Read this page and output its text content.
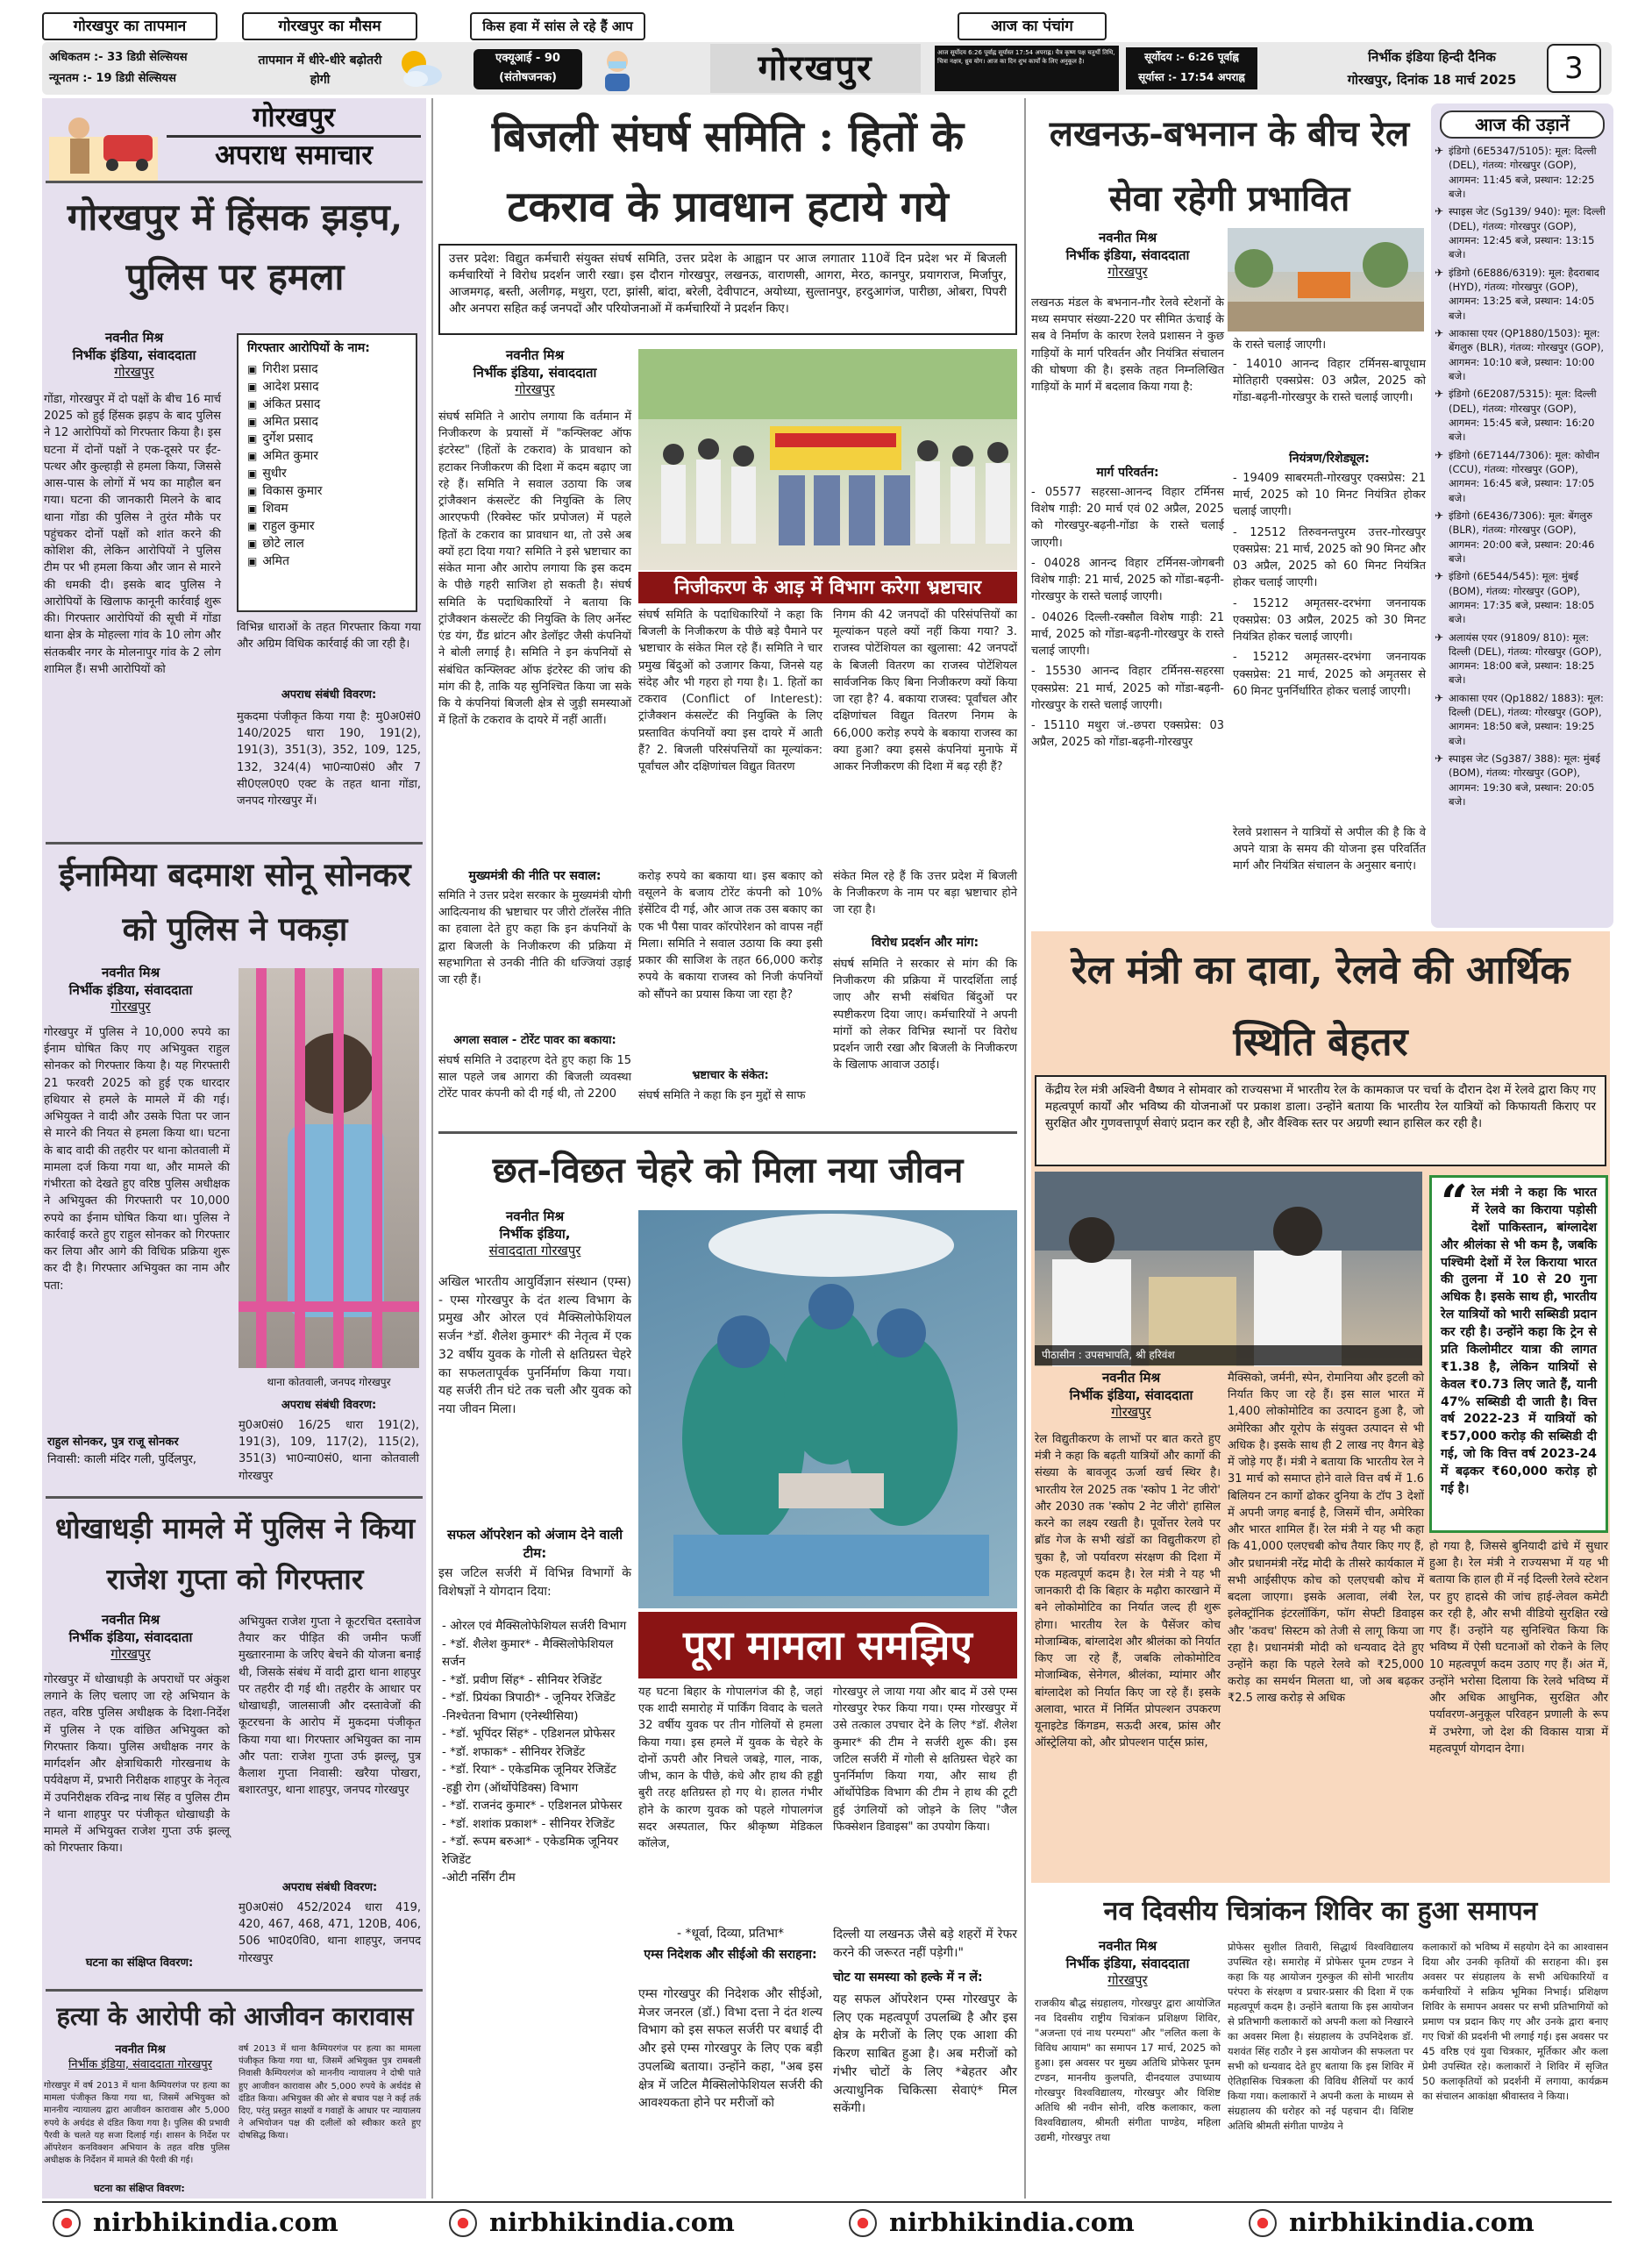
गोरखपुर का तापमान	गोरखपुर का मौसम	किस हवा में सांस ले रहे हैं आप	आज का पंचांग
अधिकतम :- 33 डिग्री सेल्सियस
न्यूनतम :- 19 डिग्री सेल्सियस
तापमान में धीरे-धीरे बढ़ोतरी होगी
एक्यूआई - 90
(संतोषजनक)	गोरखपुर	आज सूर्योदय 6:26 पूर्वाह्न सूर्यास्त 17:54 अपराह्न। चैत्र कृष्ण पक्ष चतुर्थी तिथि, चित्रा नक्षत्र, ध्रुव योग। आज का दिन शुभ कार्यों के लिए अनुकूल है।	सूर्योदय :- 6:26 पूर्वाह्न
सूर्यास्त :- 17:54 अपराह्न
निर्भीक इंडिया हिन्दी दैनिक
गोरखपुर, दिनांक 18 मार्च 2025	3
गोरखपुर
अपराध समाचार
गोरखपुर में हिंसक झड़प, पुलिस पर हमला
नवनीत मिश्र
निर्भीक इंडिया, संवाददाता
गोरखपुर
गोंडा, गोरखपुर में दो पक्षों के बीच 16 मार्च 2025 को हुई हिंसक झड़प के बाद पुलिस ने 12 आरोपियों को गिरफ्तार किया है। इस घटना में दोनों पक्षों ने एक-दूसरे पर ईंट-पत्थर और कुल्हाड़ी से हमला किया, जिससे आस-पास के लोगों में भय का माहौल बन गया। घटना की जानकारी मिलने के बाद थाना गोंडा की पुलिस ने तुरंत मौके पर पहुंचकर दोनों पक्षों को शांत करने की कोशिश की, लेकिन आरोपियों ने पुलिस टीम पर भी हमला किया और जान से मारने की धमकी दी। इसके बाद पुलिस ने आरोपियों के खिलाफ कानूनी कार्रवाई शुरू की। गिरफ्तार आरोपियों की सूची में गोंडा थाना क्षेत्र के मोहल्ला गांव के 10 लोग और संतकबीर नगर के मोलनापुर गांव के 2 लोग शामिल हैं। सभी आरोपियों को
गिरफ्तार आरोपियों के नाम:
▣ गिरीश प्रसाद
▣ आदेश प्रसाद
▣ अंकित प्रसाद
▣ अमित प्रसाद
▣ दुर्गेश प्रसाद
▣ अमित कुमार
▣ सुधीर
▣ विकास कुमार
▣ शिवम
▣ राहुल कुमार
▣ छोटे लाल
▣ अमित
विभिन्न धाराओं के तहत गिरफ्तार किया गया और अग्रिम विधिक कार्रवाई की जा रही है।
अपराध संबंधी विवरण:
मुकदमा पंजीकृत किया गया है: मु0अ0सं0 140/2025 धारा 190, 191(2), 191(3), 351(3), 352, 109, 125, 132, 324(4) भा0न्या0सं0 और 7 सी0एल0ए0 एक्ट के तहत थाना गोंडा, जनपद गोरखपुर में।
ईनामिया बदमाश सोनू सोनकर को पुलिस ने पकड़ा
नवनीत मिश्र
निर्भीक इंडिया, संवाददाता
गोरखपुर
गोरखपुर में पुलिस ने 10,000 रुपये का ईनाम घोषित किए गए अभियुक्त राहुल सोनकर को गिरफ्तार किया है। यह गिरफ्तारी 21 फरवरी 2025 को हुई एक धारदार हथियार से हमले के मामले में की गई। अभियुक्त ने वादी और उसके पिता पर जान से मारने की नियत से हमला किया था। घटना के बाद वादी की तहरीर पर थाना कोतवाली में मामला दर्ज किया गया था, और मामले की गंभीरता को देखते हुए वरिष्ठ पुलिस अधीक्षक ने अभियुक्त की गिरफ्तारी पर 10,000 रुपये का ईनाम घोषित किया था। पुलिस ने कार्रवाई करते हुए राहुल सोनकर को गिरफ्तार कर लिया और आगे की विधिक प्रक्रिया शुरू कर दी है। गिरफ्तार अभियुक्त का नाम और पता:
थाना कोतवाली, जनपद गोरखपुर
राहुल सोनकर, पुत्र राजू सोनकर
निवासी: काली मंदिर गली, पुर्दिलपुर,
अपराध संबंधी विवरण:
मु0अ0सं0 16/25 धारा 191(2), 191(3), 109, 117(2), 115(2), 351(3) भा0न्या0सं0, थाना कोतवाली गोरखपुर
धोखाधड़ी मामले में पुलिस ने किया राजेश गुप्ता को गिरफ्तार
नवनीत मिश्र
निर्भीक इंडिया, संवाददाता
गोरखपुर
गोरखपुर में धोखाधड़ी के अपराधों पर अंकुश लगाने के लिए चलाए जा रहे अभियान के तहत, वरिष्ठ पुलिस अधीक्षक के दिशा-निर्देश में पुलिस ने एक वांछित अभियुक्त को गिरफ्तार किया। पुलिस अधीक्षक नगर के मार्गदर्शन और क्षेत्राधिकारी गोरखनाथ के पर्यवेक्षण में, प्रभारी निरीक्षक शाहपुर के नेतृत्व में उपनिरीक्षक रविन्द्र नाथ सिंह व पुलिस टीम ने थाना शाहपुर पर पंजीकृत धोखाधड़ी के मामले में अभियुक्त राजेश गुप्ता उर्फ झल्लू को गिरफ्तार किया।
अभियुक्त राजेश गुप्ता ने कूटरचित दस्तावेज तैयार कर पीड़ित की जमीन फर्जी मुख्तारनामा के जरिए बेचने की योजना बनाई थी, जिसके संबंध में वादी द्वारा थाना शाहपुर पर तहरीर दी गई थी। तहरीर के आधार पर धोखाधड़ी, जालसाजी और दस्तावेजों की कूटरचना के आरोप में मुकदमा पंजीकृत किया गया था। गिरफ्तार अभियुक्त का नाम और पता: राजेश गुप्ता उर्फ झल्लू, पुत्र कैलाश गुप्ता निवासी: खरैया पोखरा, बशारतपुर, थाना शाहपुर, जनपद गोरखपुर
अपराध संबंधी विवरण:
मु0अ0सं0 452/2024 धारा 419, 420, 467, 468, 471, 120B, 406, 506 भा0द0वि0, थाना शाहपुर, जनपद गोरखपुर
घटना का संक्षिप्त विवरण:
हत्या के आरोपी को आजीवन कारावास
नवनीत मिश्र
निर्भीक इंडिया, संवाददाता गोरखपुर
गोरखपुर में वर्ष 2013 में थाना कैम्पियरगंज पर हत्या का मामला पंजीकृत किया गया था, जिसमें अभियुक्त को माननीय न्यायालय द्वारा आजीवन कारावास और 5,000 रुपये के अर्थदंड से दंडित किया गया है। पुलिस की प्रभावी पैरवी के चलते यह सजा दिलाई गई। शासन के निर्देश पर ऑपरेशन कनविक्शन अभियान के तहत वरिष्ठ पुलिस अधीक्षक के निर्देशन में मामले की पैरवी की गई।
वर्ष 2013 में थाना कैम्पियरगंज पर हत्या का मामला पंजीकृत किया गया था, जिसमें अभियुक्त पुत्र रामबली निवासी कैम्पियरगंज को माननीय न्यायालय ने दोषी पाते हुए आजीवन कारावास और 5,000 रुपये के अर्थदंड से दंडित किया। अभियुक्त की ओर से बचाव पक्ष ने कई तर्क दिए, परंतु प्रस्तुत साक्ष्यों व गवाहों के आधार पर न्यायालय ने अभियोजन पक्ष की दलीलों को स्वीकार करते हुए दोषसिद्ध किया।
घटना का संक्षिप्त विवरण:
बिजली संघर्ष समिति : हितों के टकराव के प्रावधान हटाये गये
उत्तर प्रदेश: विद्युत कर्मचारी संयुक्त संघर्ष समिति, उत्तर प्रदेश के आह्वान पर आज लगातार 110वें दिन प्रदेश भर में बिजली कर्मचारियों ने विरोध प्रदर्शन जारी रखा। इस दौरान गोरखपुर, लखनऊ, वाराणसी, आगरा, मेरठ, कानपुर, प्रयागराज, मिर्जापुर, आजमगढ़, बस्ती, अलीगढ़, मथुरा, एटा, झांसी, बांदा, बरेली, देवीपाटन, अयोध्या, सुल्तानपुर, हरदुआगंज, पारीछा, ओबरा, पिपरी और अनपरा सहित कई जनपदों और परियोजनाओं में कर्मचारियों ने प्रदर्शन किए।
नवनीत मिश्र
निर्भीक इंडिया, संवाददाता
गोरखपुर
संघर्ष समिति ने आरोप लगाया कि वर्तमान में निजीकरण के प्रयासों में "कन्फ्लिक्ट ऑफ इंटरेस्ट" (हितों के टकराव) के प्रावधान को हटाकर निजीकरण की दिशा में कदम बढ़ाए जा रहे हैं। समिति ने सवाल उठाया कि जब ट्रांजैक्शन कंसल्टेंट की नियुक्ति के लिए आरएफपी (रिक्वेस्ट फॉर प्रपोजल) में पहले हितों के टकराव का प्रावधान था, तो उसे अब क्यों हटा दिया गया? समिति ने इसे भ्रष्टाचार का संकेत माना और आरोप लगाया कि इस कदम के पीछे गहरी साजिश हो सकती है। संघर्ष समिति के पदाधिकारियों ने बताया कि ट्रांजैक्शन कंसल्टेंट की नियुक्ति के लिए अर्नेस्ट एंड यंग, ग्रैंड थ्रांटन और डेलॉइट जैसी कंपनियों ने बोली लगाई है। समिति ने इन कंपनियों से संबंधित कन्फ्लिक्ट ऑफ इंटरेस्ट की जांच की मांग की है, ताकि यह सुनिश्चित किया जा सके कि ये कंपनियां बिजली क्षेत्र से जुड़ी समस्याओं में हितों के टकराव के दायरे में नहीं आतीं।
निजीकरण के आड़ में विभाग करेगा भ्रष्टाचार
संघर्ष समिति के पदाधिकारियों ने कहा कि बिजली के निजीकरण के पीछे बड़े पैमाने पर भ्रष्टाचार के संकेत मिल रहे हैं। समिति ने चार प्रमुख बिंदुओं को उजागर किया, जिनसे यह संदेह और भी गहरा हो गया है। 1. हितों का टकराव (Conflict of Interest): ट्रांजैक्शन कंसल्टेंट की नियुक्ति के लिए प्रस्तावित कंपनियों क्या इस दायरे में आती हैं? 2. बिजली परिसंपत्तियों का मूल्यांकन: पूर्वांचल और दक्षिणांचल विद्युत वितरण
निगम की 42 जनपदों की परिसंपत्तियों का मूल्यांकन पहले क्यों नहीं किया गया? 3. राजस्व पोटेंशियल का खुलासा: 42 जनपदों के बिजली वितरण का राजस्व पोटेंशियल सार्वजनिक किए बिना निजीकरण क्यों किया जा रहा है? 4. बकाया राजस्व: पूर्वांचल और दक्षिणांचल विद्युत वितरण निगम के 66,000 करोड़ रुपये के बकाया राजस्व का क्या हुआ? क्या इससे कंपनियां मुनाफे में आकर निजीकरण की दिशा में बढ़ रही हैं?
मुख्यमंत्री की नीति पर सवाल:
समिति ने उत्तर प्रदेश सरकार के मुख्यमंत्री योगी आदित्यनाथ की भ्रष्टाचार पर जीरो टॉलरेंस नीति का हवाला देते हुए कहा कि इन कंपनियों के द्वारा बिजली के निजीकरण की प्रक्रिया में सहभागिता से उनकी नीति की धज्जियां उड़ाई जा रही हैं।
अगला सवाल - टोरेंट पावर का बकाया:
संघर्ष समिति ने उदाहरण देते हुए कहा कि 15 साल पहले जब आगरा की बिजली व्यवस्था टोरेंट पावर कंपनी को दी गई थी, तो 2200
करोड़ रुपये का बकाया था। इस बकाए को वसूलने के बजाय टोरेंट कंपनी को 10% इंसेंटिव दी गई, और आज तक उस बकाए का एक भी पैसा पावर कॉरपोरेशन को वापस नहीं मिला। समिति ने सवाल उठाया कि क्या इसी प्रकार की साजिश के तहत 66,000 करोड़ रुपये के बकाया राजस्व को निजी कंपनियों को सौंपने का प्रयास किया जा रहा है?
भ्रष्टाचार के संकेत:
संघर्ष समिति ने कहा कि इन मुद्दों से साफ
संकेत मिल रहे हैं कि उत्तर प्रदेश में बिजली के निजीकरण के नाम पर बड़ा भ्रष्टाचार होने जा रहा है।
विरोध प्रदर्शन और मांग:
संघर्ष समिति ने सरकार से मांग की कि निजीकरण की प्रक्रिया में पारदर्शिता लाई जाए और सभी संबंधित बिंदुओं पर स्पष्टीकरण दिया जाए। कर्मचारियों ने अपनी मांगों को लेकर विभिन्न स्थानों पर विरोध प्रदर्शन जारी रखा और बिजली के निजीकरण के खिलाफ आवाज उठाई।
छत-विछत चेहरे को मिला नया जीवन
नवनीत मिश्र
निर्भीक इंडिया,
संवाददाता गोरखपुर
अखिल भारतीय आयुर्विज्ञान संस्थान (एम्स) - एम्स गोरखपुर के दंत शल्य विभाग के प्रमुख और ओरल एवं मैक्सिलोफेशियल सर्जन *डॉ. शैलेश कुमार* की नेतृत्व में एक 32 वर्षीय युवक के गोली से क्षतिग्रस्त चेहरे का सफलतापूर्वक पुनर्निर्माण किया गया। यह सर्जरी तीन घंटे तक चली और युवक को नया जीवन मिला।
सफल ऑपरेशन को अंजाम देने वाली टीम:
इस जटिल सर्जरी में विभिन्न विभागों के विशेषज्ञों ने योगदान दिया:
- ओरल एवं मैक्सिलोफेशियल सर्जरी विभाग
- *डॉ. शैलेश कुमार* - मैक्सिलोफेशियल सर्जन
- *डॉ. प्रवीण सिंह* - सीनियर रेजिडेंट
- *डॉ. प्रियंका त्रिपाठी* - जूनियर रेजिडेंट
-निश्चेतना विभाग (एनेस्थीसिया)
- *डॉ. भूपिंदर सिंह* - एडिशनल प्रोफेसर
- *डॉ. शफाक* - सीनियर रेजिडेंट
- *डॉ. रिया* - एकेडमिक जूनियर रेजिडेंट
-हड्डी रोग (ऑर्थोपेडिक्स) विभाग
- *डॉ. राजनंद कुमार* - एडिशनल प्रोफेसर
- *डॉ. शशांक प्रकाश* - सीनियर रेजिडेंट
- *डॉ. रूपम बरुआ* - एकेडमिक जूनियर रेजिडेंट
-ओटी नर्सिंग टीम
पूरा मामला समझिए
यह घटना बिहार के गोपालगंज की है, जहां एक शादी समारोह में पार्किंग विवाद के चलते 32 वर्षीय युवक पर तीन गोलियों से हमला किया गया। इस हमले में युवक के चेहरे के दोनों ऊपरी और निचले जबड़े, गाल, नाक, जीभ, कान के पीछे, कंधे और हाथ की हड्डी बुरी तरह क्षतिग्रस्त हो गए थे। हालत गंभीर होने के कारण युवक को पहले गोपालगंज सदर अस्पताल, फिर श्रीकृष्ण मेडिकल कॉलेज,
गोरखपुर ले जाया गया और बाद में उसे एम्स गोरखपुर रेफर किया गया। एम्स गोरखपुर में उसे तत्काल उपचार देने के लिए *डॉ. शैलेश कुमार* की टीम ने सर्जरी शुरू की। इस जटिल सर्जरी में गोली से क्षतिग्रस्त चेहरे का पुनर्निर्माण किया गया, और साथ ही ऑर्थोपेडिक विभाग की टीम ने हाथ की टूटी हुई उंगलियों को जोड़ने के लिए "जैल फिक्सेशन डिवाइस" का उपयोग किया।
- *धूर्वा, दिव्या, प्रतिभा*
एम्स निदेशक और सीईओ की सराहना:
एम्स गोरखपुर की निदेशक और सीईओ, मेजर जनरल (डॉ.) विभा दत्ता ने दंत शल्य विभाग को इस सफल सर्जरी पर बधाई दी और इसे एम्स गोरखपुर के लिए एक बड़ी उपलब्धि बताया। उन्होंने कहा, "अब इस क्षेत्र में जटिल मैक्सिलोफेशियल सर्जरी की आवश्यकता होने पर मरीजों को
दिल्ली या लखनऊ जैसे बड़े शहरों में रेफर करने की जरूरत नहीं पड़ेगी।"
चोट या समस्या को हल्के में न लें:
यह सफल ऑपरेशन एम्स गोरखपुर के लिए एक महत्वपूर्ण उपलब्धि है और इस क्षेत्र के मरीजों के लिए एक आशा की किरण साबित हुआ है। अब मरीजों को गंभीर चोटों के लिए *बेहतर और अत्याधुनिक चिकित्सा सेवाएं* मिल सकेंगी।
लखनऊ-बभनान के बीच रेल सेवा रहेगी प्रभावित
नवनीत मिश्र
निर्भीक इंडिया, संवाददाता
गोरखपुर
लखनऊ मंडल के बभनान-गौर रेलवे स्टेशनों के मध्य समपार संख्या-220 पर सीमित ऊंचाई के सब वे निर्माण के कारण रेलवे प्रशासन ने कुछ गाड़ियों के मार्ग परिवर्तन और नियंत्रित संचालन की घोषणा की है। इसके तहत निम्नलिखित गाड़ियों के मार्ग में बदलाव किया गया है:
मार्ग परिवर्तन:

- 05577 सहरसा-आनन्द विहार टर्मिनस विशेष गाड़ी: 20 मार्च एवं 02 अप्रैल, 2025 को गोरखपुर-बढ़नी-गोंडा के रास्ते चलाई जाएगी।

- 04028 आनन्द विहार टर्मिनस-जोगबनी विशेष गाड़ी: 21 मार्च, 2025 को गोंडा-बढ़नी-गोरखपुर के रास्ते चलाई जाएगी।

- 04026 दिल्ली-रक्सौल विशेष गाड़ी: 21 मार्च, 2025 को गोंडा-बढ़नी-गोरखपुर के रास्ते चलाई जाएगी।

- 15530 आनन्द विहार टर्मिनस-सहरसा एक्सप्रेस: 21 मार्च, 2025 को गोंडा-बढ़नी-गोरखपुर के रास्ते चलाई जाएगी।

- 15110 मथुरा जं.-छपरा एक्सप्रेस: 03 अप्रैल, 2025 को गोंडा-बढ़नी-गोरखपुर

के रास्ते चलाई जाएगी।

- 14010 आनन्द विहार टर्मिनस-बापूधाम मोतिहारी एक्सप्रेस: 03 अप्रैल, 2025 को गोंडा-बढ़नी-गोरखपुर के रास्ते चलाई जाएगी।

नियंत्रण/रिशेड्यूल:

- 19409 साबरमती-गोरखपुर एक्सप्रेस: 21 मार्च, 2025 को 10 मिनट नियंत्रित होकर चलाई जाएगी।

- 12512 तिरुवनन्तपुरम उत्तर-गोरखपुर एक्सप्रेस: 21 मार्च, 2025 को 90 मिनट और 03 अप्रैल, 2025 को 60 मिनट नियंत्रित होकर चलाई जाएगी।

- 15212 अमृतसर-दरभंगा जननायक एक्सप्रेस: 03 अप्रैल, 2025 को 30 मिनट नियंत्रित होकर चलाई जाएगी।

- 15212 अमृतसर-दरभंगा जननायक एक्सप्रेस: 21 मार्च, 2025 को अमृतसर से 60 मिनट पुनर्निर्धारित होकर चलाई जाएगी।

रेलवे प्रशासन ने यात्रियों से अपील की है कि वे अपने यात्रा के समय की योजना इस परिवर्तित मार्ग और नियंत्रित संचालन के अनुसार बनाएं।
आज की उड़ानें
✈ इंडिगो (6E5347/5105): मूल: दिल्ली (DEL), गंतव्य: गोरखपुर (GOP), आगमन: 11:45 बजे, प्रस्थान: 12:25 बजे।
✈ स्पाइस जेट (Sg139/ 940): मूल: दिल्ली (DEL), गंतव्य: गोरखपुर (GOP), आगमन: 12:45 बजे, प्रस्थान: 13:15 बजे।
✈ इंडिगो (6E886/6319): मूल: हैदराबाद (HYD), गंतव्य: गोरखपुर (GOP), आगमन: 13:25 बजे, प्रस्थान: 14:05 बजे।
✈ आकासा एयर (QP1880/1503): मूल: बेंगलुरु (BLR), गंतव्य: गोरखपुर (GOP), आगमन: 10:10 बजे, प्रस्थान: 10:00 बजे।
✈ इंडिगो (6E2087/5315): मूल: दिल्ली (DEL), गंतव्य: गोरखपुर (GOP), आगमन: 15:45 बजे, प्रस्थान: 16:20 बजे।
✈ इंडिगो (6E7144/7306): मूल: कोचीन (CCU), गंतव्य: गोरखपुर (GOP), आगमन: 16:45 बजे, प्रस्थान: 17:05 बजे।
✈ इंडिगो (6E436/7306): मूल: बेंगलुरु (BLR), गंतव्य: गोरखपुर (GOP), आगमन: 20:00 बजे, प्रस्थान: 20:46 बजे।
✈ इंडिगो (6E544/545): मूल: मुंबई (BOM), गंतव्य: गोरखपुर (GOP), आगमन: 17:35 बजे, प्रस्थान: 18:05 बजे।
✈ अलायंस एयर (91809/ 810): मूल: दिल्ली (DEL), गंतव्य: गोरखपुर (GOP), आगमन: 18:00 बजे, प्रस्थान: 18:25 बजे।
✈ आकासा एयर (Qp1882/ 1883): मूल: दिल्ली (DEL), गंतव्य: गोरखपुर (GOP), आगमन: 18:50 बजे, प्रस्थान: 19:25 बजे।
✈ स्पाइस जेट (Sg387/ 388): मूल: मुंबई (BOM), गंतव्य: गोरखपुर (GOP), आगमन: 19:30 बजे, प्रस्थान: 20:05 बजे।
रेल मंत्री का दावा, रेलवे की आर्थिक स्थिति बेहतर
केंद्रीय रेल मंत्री अश्विनी वैष्णव ने सोमवार को राज्यसभा में भारतीय रेल के कामकाज पर चर्चा के दौरान देश में रेलवे द्वारा किए गए महत्वपूर्ण कार्यों और भविष्य की योजनाओं पर प्रकाश डाला। उन्होंने बताया कि भारतीय रेल यात्रियों को किफायती किराए पर सुरक्षित और गुणवत्तापूर्ण सेवाएं प्रदान कर रही है, और वैश्विक स्तर पर अग्रणी स्थान हासिल कर रही है।
पीठासीन : उपसभापति, श्री हरिवंश
“ रेल मंत्री ने कहा कि भारत में रेलवे का किराया पड़ोसी देशों पाकिस्तान, बांग्लादेश और श्रीलंका से भी कम है, जबकि पश्चिमी देशों में रेल किराया भारत की तुलना में 10 से 20 गुना अधिक है। इसके साथ ही, भारतीय रेल यात्रियों को भारी सब्सिडी प्रदान कर रही है। उन्होंने कहा कि ट्रेन से प्रति किलोमीटर यात्रा की लागत ₹1.38 है, लेकिन यात्रियों से केवल ₹0.73 लिए जाते हैं, यानी 47% सब्सिडी दी जाती है। वित्त वर्ष 2022-23 में यात्रियों को ₹57,000 करोड़ की सब्सिडी दी गई, जो कि वित्त वर्ष 2023-24 में बढ़कर ₹60,000 करोड़ हो गई है।
नवनीत मिश्र
निर्भीक इंडिया, संवाददाता
गोरखपुर
रेल विद्युतीकरण के लाभों पर बात करते हुए मंत्री ने कहा कि बढ़ती यात्रियों और कार्गो की संख्या के बावजूद ऊर्जा खर्च स्थिर है। भारतीय रेल 2025 तक 'स्कोप 1 नेट जीरो' और 2030 तक 'स्कोप 2 नेट जीरो' हासिल करने का लक्ष्य रखती है। पूर्वोत्तर रेलवे पर ब्रॉड गेज के सभी खंडों का विद्युतीकरण हो चुका है, जो पर्यावरण संरक्षण की दिशा में एक महत्वपूर्ण कदम है। रेल मंत्री ने यह भी जानकारी दी कि बिहार के मढ़ौरा कारखाने में बने लोकोमोटिव का निर्यात जल्द ही शुरू होगा। भारतीय रेल के पैसेंजर कोच मोजाम्बिक, बांग्लादेश और श्रीलंका को निर्यात किए जा रहे हैं, जबकि लोकोमोटिव मोजाम्बिक, सेनेगल, श्रीलंका, म्यांमार और बांग्लादेश को निर्यात किए जा रहे हैं। इसके अलावा, भारत में निर्मित प्रोपल्शन उपकरण यूनाइटेड किंगडम, सऊदी अरब, फ्रांस और ऑस्ट्रेलिया को, और प्रोपल्शन पार्ट्स फ्रांस,
मैक्सिको, जर्मनी, स्पेन, रोमानिया और इटली को निर्यात किए जा रहे हैं। इस साल भारत में 1,400 लोकोमोटिव का उत्पादन हुआ है, जो अमेरिका और यूरोप के संयुक्त उत्पादन से भी अधिक है। इसके साथ ही 2 लाख नए वैगन बेड़े में जोड़े गए हैं। मंत्री ने बताया कि भारतीय रेल ने 31 मार्च को समाप्त होने वाले वित्त वर्ष में 1.6 बिलियन टन कार्गो ढोकर दुनिया के टॉप 3 देशों में अपनी जगह बनाई है, जिसमें चीन, अमेरिका और भारत शामिल हैं। रेल मंत्री ने यह भी कहा कि 41,000 एलएचबी कोच तैयार किए गए हैं, और प्रधानमंत्री नरेंद्र मोदी के तीसरे कार्यकाल में सभी आईसीएफ कोच को एलएचबी कोच में बदला जाएगा। इसके अलावा, लंबी रेल, इलेक्ट्रॉनिक इंटरलॉकिंग, फॉग सेफ्टी डिवाइस और 'कवच' सिस्टम को तेजी से लागू किया जा रहा है। प्रधानमंत्री मोदी को धन्यवाद देते हुए उन्होंने कहा कि पहले रेलवे को ₹25,000 करोड़ का समर्थन मिलता था, जो अब बढ़कर ₹2.5 लाख करोड़ से अधिक
हो गया है, जिससे बुनियादी ढांचे में सुधार हुआ है। रेल मंत्री ने राज्यसभा में यह भी बताया कि हाल ही में नई दिल्ली रेलवे स्टेशन पर हुए हादसे की जांच हाई-लेवल कमेटी कर रही है, और सभी वीडियो सुरक्षित रखे गए हैं। उन्होंने यह सुनिश्चित किया कि भविष्य में ऐसी घटनाओं को रोकने के लिए 10 महत्वपूर्ण कदम उठाए गए हैं। अंत में, उन्होंने भरोसा दिलाया कि रेलवे भविष्य में और अधिक आधुनिक, सुरक्षित और पर्यावरण-अनुकूल परिवहन प्रणाली के रूप में उभरेगा, जो देश की विकास यात्रा में महत्वपूर्ण योगदान देगा।
नव दिवसीय चित्रांकन शिविर का हुआ समापन
नवनीत मिश्र
निर्भीक इंडिया, संवाददाता
गोरखपुर
राजकीय बौद्ध संग्रहालय, गोरखपुर द्वारा आयोजित नव दिवसीय राष्ट्रीय चित्रांकन प्रशिक्षण शिविर, "अजन्ता एवं नाथ परम्परा" और "ललित कला के विविध आयाम" का समापन 17 मार्च, 2025 को हुआ। इस अवसर पर मुख्य अतिथि प्रोफेसर पूनम टण्डन, माननीय कुलपति, दीनदयाल उपाध्याय गोरखपुर विश्वविद्यालय, गोरखपुर और विशिष्ट अतिथि श्री नवीन सोनी, वरिष्ठ कलाकार, कला विश्वविद्यालय, श्रीमती संगीता पाण्डेय, महिला उद्यमी, गोरखपुर तथा
प्रोफेसर सुशील तिवारी, सिद्धार्थ विश्वविद्यालय उपस्थित रहे। समारोह में प्रोफेसर पूनम टण्डन ने कहा कि यह आयोजन गुरुकुल की सोनी भारतीय परंपरा के संरक्षण व प्रचार-प्रसार की दिशा में एक महत्वपूर्ण कदम है। उन्होंने बताया कि इस आयोजन से प्रतिभागी कलाकारों को अपनी कला को निखारने का अवसर मिला है। संग्रहालय के उपनिदेशक डॉ. यशवंत सिंह राठौर ने इस आयोजन की सफलता पर सभी को धन्यवाद देते हुए बताया कि इस शिविर में ऐतिहासिक चित्रकला की विविध शैलियों पर कार्य किया गया। कलाकारों ने अपनी कला के माध्यम से संग्रहालय की धरोहर को नई पहचान दी। विशिष्ट अतिथि श्रीमती संगीता पाण्डेय ने
कलाकारों को भविष्य में सहयोग देने का आश्वासन दिया और उनकी कृतियों की सराहना की। इस अवसर पर संग्रहालय के सभी अधिकारियों व कर्मचारियों ने सक्रिय भूमिका निभाई। प्रशिक्षण शिविर के समापन अवसर पर सभी प्रतिभागियों को प्रमाण पत्र प्रदान किए गए और उनके द्वारा बनाए गए चित्रों की प्रदर्शनी भी लगाई गई। इस अवसर पर 45 वरिष्ठ एवं युवा चित्रकार, मूर्तिकार और कला प्रेमी उपस्थित रहे। कलाकारों ने शिविर में सृजित 50 कलाकृतियों को प्रदर्शनी में लगाया, कार्यक्रम का संचालन आकांक्षा श्रीवास्तव ने किया।
nirbhikindia.com	nirbhikindia.com	nirbhikindia.com	nirbhikindia.com
